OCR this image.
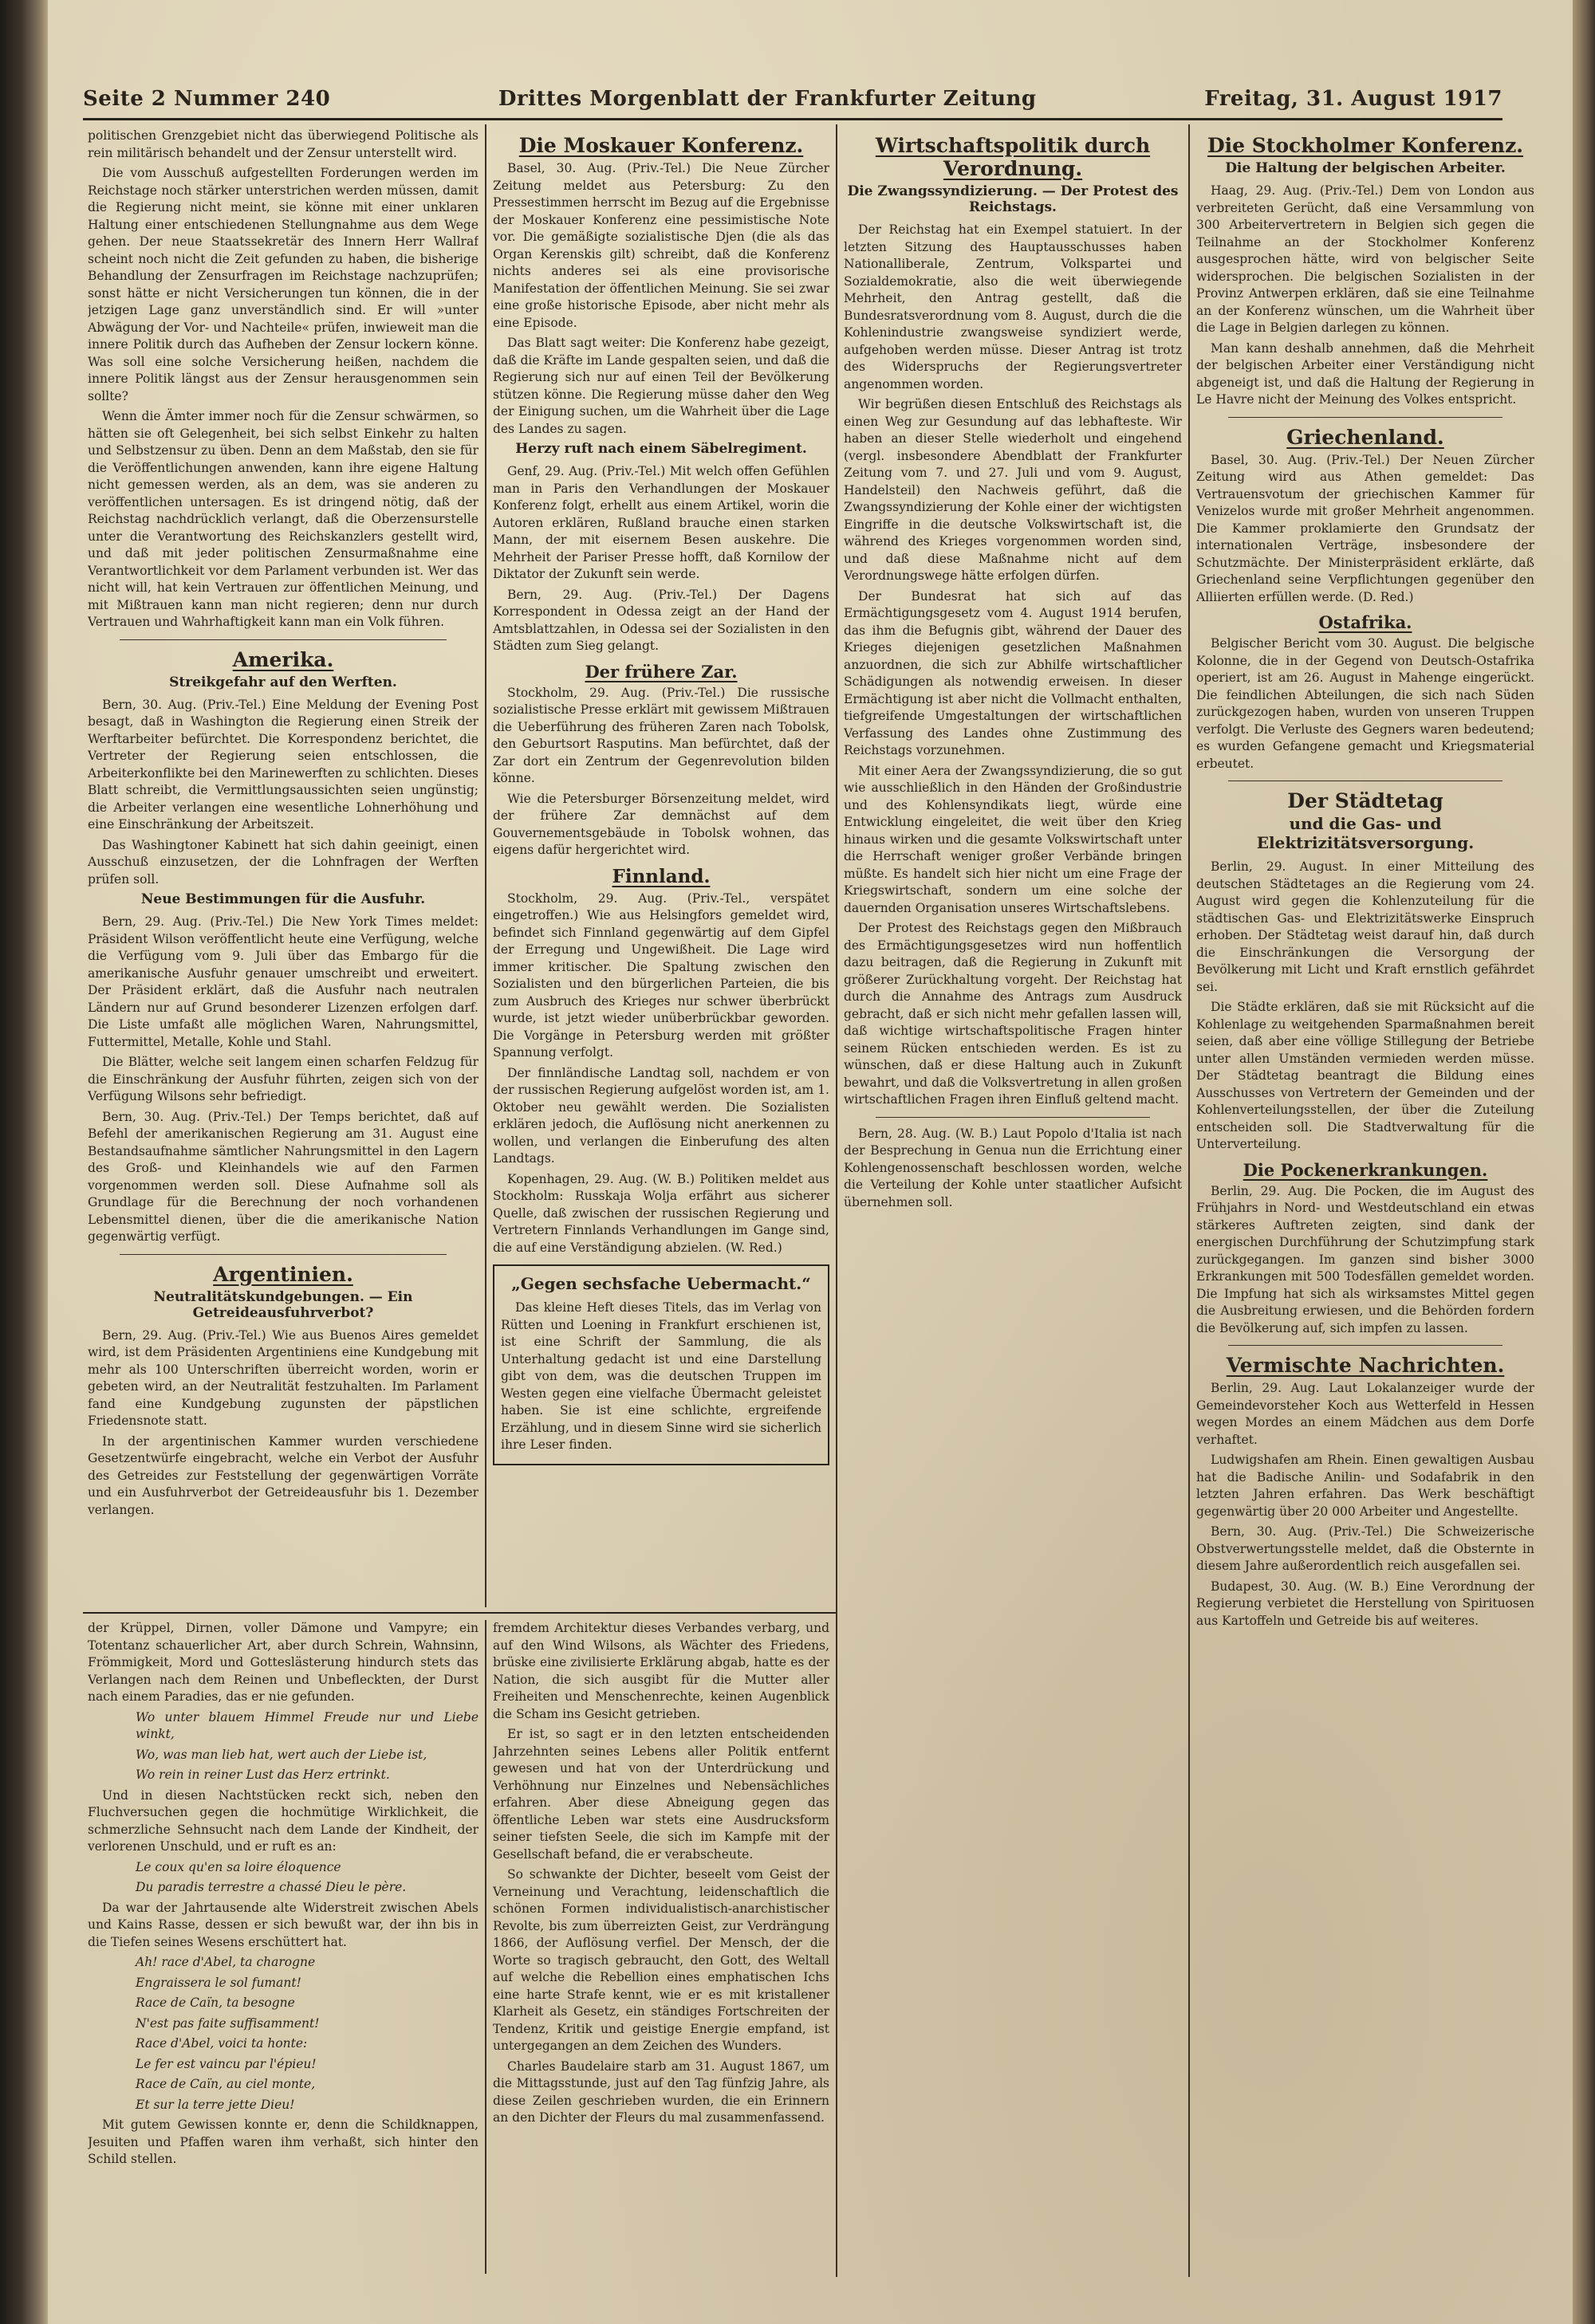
Seite 2 Nummer 240	Drittes Morgenblatt der Frankfurter Zeitung	Freitag, 31. August 1917

politischen Grenzgebiet nicht das überwiegend Politische als rein militärisch behandelt und der Zensur unterstellt wird.

Die vom Ausschuß aufgestellten Forderungen werden im Reichstage noch stärker unterstrichen werden müssen, damit die Regierung nicht meint, sie könne mit einer unklaren Haltung einer entschiedenen Stellungnahme aus dem Wege gehen. Der neue Staatssekretär des Innern Herr Wallraf scheint noch nicht die Zeit gefunden zu haben, die bisherige Behandlung der Zensurfragen im Reichstage nachzuprüfen; sonst hätte er nicht Versicherungen tun können, die in der jetzigen Lage ganz unverständlich sind. Er will »unter Abwägung der Vor- und Nachteile« prüfen, inwieweit man die innere Politik durch das Aufheben der Zensur lockern könne. Was soll eine solche Versicherung heißen, nachdem die innere Politik längst aus der Zensur herausgenommen sein sollte?

Wenn die Ämter immer noch für die Zensur schwärmen, so hätten sie oft Gelegenheit, bei sich selbst Einkehr zu halten und Selbstzensur zu üben. Denn an dem Maßstab, den sie für die Veröffentlichungen anwenden, kann ihre eigene Haltung nicht gemessen werden, als an dem, was sie anderen zu veröffentlichen untersagen. Es ist dringend nötig, daß der Reichstag nachdrücklich verlangt, daß die Oberzensurstelle unter die Verantwortung des Reichskanzlers gestellt wird, und daß mit jeder politischen Zensurmaßnahme eine Verantwortlichkeit vor dem Parlament verbunden ist. Wer das nicht will, hat kein Vertrauen zur öffentlichen Meinung, und mit Mißtrauen kann man nicht regieren; denn nur durch Vertrauen und Wahrhaftigkeit kann man ein Volk führen.

Amerika.
Streikgefahr auf den Werften.

Bern, 30. Aug. (Priv.-Tel.) Eine Meldung der Evening Post besagt, daß in Washington die Regierung einen Streik der Werftarbeiter befürchtet. Die Korrespondenz berichtet, die Vertreter der Regierung seien entschlossen, die Arbeiterkonflikte bei den Marinewerften zu schlichten. Dieses Blatt schreibt, die Vermittlungsaussichten seien ungünstig; die Arbeiter verlangen eine wesentliche Lohnerhöhung und eine Einschränkung der Arbeitszeit.

Das Washingtoner Kabinett hat sich dahin geeinigt, einen Ausschuß einzusetzen, der die Lohnfragen der Werften prüfen soll.

Neue Bestimmungen für die Ausfuhr.

Bern, 29. Aug. (Priv.-Tel.) Die New York Times meldet: Präsident Wilson veröffentlicht heute eine Verfügung, welche die Verfügung vom 9. Juli über das Embargo für die amerikanische Ausfuhr genauer umschreibt und erweitert. Der Präsident erklärt, daß die Ausfuhr nach neutralen Ländern nur auf Grund besonderer Lizenzen erfolgen darf. Die Liste umfaßt alle möglichen Waren, Nahrungsmittel, Futtermittel, Metalle, Kohle und Stahl.

Die Blätter, welche seit langem einen scharfen Feldzug für die Einschränkung der Ausfuhr führten, zeigen sich von der Verfügung Wilsons sehr befriedigt.

Bern, 30. Aug. (Priv.-Tel.) Der Temps berichtet, daß auf Befehl der amerikanischen Regierung am 31. August eine Bestandsaufnahme sämtlicher Nahrungsmittel in den Lagern des Groß- und Kleinhandels wie auf den Farmen vorgenommen werden soll. Diese Aufnahme soll als Grundlage für die Berechnung der noch vorhandenen Lebensmittel dienen, über die die amerikanische Nation gegenwärtig verfügt.

Argentinien.
Neutralitätskundgebungen. — Ein Getreideausfuhrverbot?

Bern, 29. Aug. (Priv.-Tel.) Wie aus Buenos Aires gemeldet wird, ist dem Präsidenten Argentiniens eine Kundgebung mit mehr als 100 Unterschriften überreicht worden, worin er gebeten wird, an der Neutralität festzuhalten. Im Parlament fand eine Kundgebung zugunsten der päpstlichen Friedensnote statt.

In der argentinischen Kammer wurden verschiedene Gesetzentwürfe eingebracht, welche ein Verbot der Ausfuhr des Getreides zur Feststellung der gegenwärtigen Vorräte und ein Ausfuhrverbot der Getreideausfuhr bis 1. Dezember verlangen.

Die Moskauer Konferenz.

Basel, 30. Aug. (Priv.-Tel.) Die Neue Zürcher Zeitung meldet aus Petersburg: Zu den Pressestimmen herrscht im Bezug auf die Ergebnisse der Moskauer Konferenz eine pessimistische Note vor. Die gemäßigte sozialistische Djen (die als das Organ Kerenskis gilt) schreibt, daß die Konferenz nichts anderes sei als eine provisorische Manifestation der öffentlichen Meinung. Sie sei zwar eine große historische Episode, aber nicht mehr als eine Episode.

Das Blatt sagt weiter: Die Konferenz habe gezeigt, daß die Kräfte im Lande gespalten seien, und daß die Regierung sich nur auf einen Teil der Bevölkerung stützen könne. Die Regierung müsse daher den Weg der Einigung suchen, um die Wahrheit über die Lage des Landes zu sagen.

Herzy ruft nach einem Säbelregiment.

Genf, 29. Aug. (Priv.-Tel.) Mit welch offen Gefühlen man in Paris den Verhandlungen der Moskauer Konferenz folgt, erhellt aus einem Artikel, worin die Autoren erklären, Rußland brauche einen starken Mann, der mit eisernem Besen auskehre. Die Mehrheit der Pariser Presse hofft, daß Kornilow der Diktator der Zukunft sein werde.

Bern, 29. Aug. (Priv.-Tel.) Der Dagens Korrespondent in Odessa zeigt an der Hand der Amtsblattzahlen, in Odessa sei der Sozialisten in den Städten zum Sieg gelangt.

Der frühere Zar.

Stockholm, 29. Aug. (Priv.-Tel.) Die russische sozialistische Presse erklärt mit gewissem Mißtrauen die Ueberführung des früheren Zaren nach Tobolsk, den Geburtsort Rasputins. Man befürchtet, daß der Zar dort ein Zentrum der Gegenrevolution bilden könne.

Wie die Petersburger Börsenzeitung meldet, wird der frühere Zar demnächst auf dem Gouvernementsgebäude in Tobolsk wohnen, das eigens dafür hergerichtet wird.

Finnland.

Stockholm, 29. Aug. (Priv.-Tel., verspätet eingetroffen.) Wie aus Helsingfors gemeldet wird, befindet sich Finnland gegenwärtig auf dem Gipfel der Erregung und Ungewißheit. Die Lage wird immer kritischer. Die Spaltung zwischen den Sozialisten und den bürgerlichen Parteien, die bis zum Ausbruch des Krieges nur schwer überbrückt wurde, ist jetzt wieder unüberbrückbar geworden. Die Vorgänge in Petersburg werden mit größter Spannung verfolgt.

Der finnländische Landtag soll, nachdem er von der russischen Regierung aufgelöst worden ist, am 1. Oktober neu gewählt werden. Die Sozialisten erklären jedoch, die Auflösung nicht anerkennen zu wollen, und verlangen die Einberufung des alten Landtags.

Kopenhagen, 29. Aug. (W. B.) Politiken meldet aus Stockholm: Russkaja Wolja erfährt aus sicherer Quelle, daß zwischen der russischen Regierung und Vertretern Finnlands Verhandlungen im Gange sind, die auf eine Verständigung abzielen. (W. Red.)

„Gegen sechsfache Uebermacht.“

Das kleine Heft dieses Titels, das im Verlag von Rütten und Loening in Frankfurt erschienen ist, ist eine Schrift der Sammlung, die als Unterhaltung gedacht ist und eine Darstellung gibt von dem, was die deutschen Truppen im Westen gegen eine vielfache Übermacht geleistet haben. Sie ist eine schlichte, ergreifende Erzählung, und in diesem Sinne wird sie sicherlich ihre Leser finden.

Wirtschaftspolitik durch Verordnung.
Die Zwangssyndizierung. — Der Protest des Reichstags.

Der Reichstag hat ein Exempel statuiert. In der letzten Sitzung des Hauptausschusses haben Nationalliberale, Zentrum, Volkspartei und Sozialdemokratie, also die weit überwiegende Mehrheit, den Antrag gestellt, daß die Bundesratsverordnung vom 8. August, durch die die Kohlenindustrie zwangsweise syndiziert werde, aufgehoben werden müsse. Dieser Antrag ist trotz des Widerspruchs der Regierungsvertreter angenommen worden.

Wir begrüßen diesen Entschluß des Reichstags als einen Weg zur Gesundung auf das lebhafteste. Wir haben an dieser Stelle wiederholt und eingehend (vergl. insbesondere Abendblatt der Frankfurter Zeitung vom 7. und 27. Juli und vom 9. August, Handelsteil) den Nachweis geführt, daß die Zwangssyndizierung der Kohle einer der wichtigsten Eingriffe in die deutsche Volkswirtschaft ist, die während des Krieges vorgenommen worden sind, und daß diese Maßnahme nicht auf dem Verordnungswege hätte erfolgen dürfen.

Der Bundesrat hat sich auf das Ermächtigungsgesetz vom 4. August 1914 berufen, das ihm die Befugnis gibt, während der Dauer des Krieges diejenigen gesetzlichen Maßnahmen anzuordnen, die sich zur Abhilfe wirtschaftlicher Schädigungen als notwendig erweisen. In dieser Ermächtigung ist aber nicht die Vollmacht enthalten, tiefgreifende Umgestaltungen der wirtschaftlichen Verfassung des Landes ohne Zustimmung des Reichstags vorzunehmen.

Mit einer Aera der Zwangssyndizierung, die so gut wie ausschließlich in den Händen der Großindustrie und des Kohlensyndikats liegt, würde eine Entwicklung eingeleitet, die weit über den Krieg hinaus wirken und die gesamte Volkswirtschaft unter die Herrschaft weniger großer Verbände bringen müßte. Es handelt sich hier nicht um eine Frage der Kriegswirtschaft, sondern um eine solche der dauernden Organisation unseres Wirtschaftslebens.

Der Protest des Reichstags gegen den Mißbrauch des Ermächtigungsgesetzes wird nun hoffentlich dazu beitragen, daß die Regierung in Zukunft mit größerer Zurückhaltung vorgeht. Der Reichstag hat durch die Annahme des Antrags zum Ausdruck gebracht, daß er sich nicht mehr gefallen lassen will, daß wichtige wirtschaftspolitische Fragen hinter seinem Rücken entschieden werden. Es ist zu wünschen, daß er diese Haltung auch in Zukunft bewahrt, und daß die Volksvertretung in allen großen wirtschaftlichen Fragen ihren Einfluß geltend macht.

Bern, 28. Aug. (W. B.) Laut Popolo d'Italia ist nach der Besprechung in Genua nun die Errichtung einer Kohlengenossenschaft beschlossen worden, welche die Verteilung der Kohle unter staatlicher Aufsicht übernehmen soll.

Die Stockholmer Konferenz.
Die Haltung der belgischen Arbeiter.

Haag, 29. Aug. (Priv.-Tel.) Dem von London aus verbreiteten Gerücht, daß eine Versammlung von 300 Arbeitervertretern in Belgien sich gegen die Teilnahme an der Stockholmer Konferenz ausgesprochen hätte, wird von belgischer Seite widersprochen. Die belgischen Sozialisten in der Provinz Antwerpen erklären, daß sie eine Teilnahme an der Konferenz wünschen, um die Wahrheit über die Lage in Belgien darlegen zu können.

Man kann deshalb annehmen, daß die Mehrheit der belgischen Arbeiter einer Verständigung nicht abgeneigt ist, und daß die Haltung der Regierung in Le Havre nicht der Meinung des Volkes entspricht.

Griechenland.

Basel, 30. Aug. (Priv.-Tel.) Der Neuen Zürcher Zeitung wird aus Athen gemeldet: Das Vertrauensvotum der griechischen Kammer für Venizelos wurde mit großer Mehrheit angenommen. Die Kammer proklamierte den Grundsatz der internationalen Verträge, insbesondere der Schutzmächte. Der Ministerpräsident erklärte, daß Griechenland seine Verpflichtungen gegenüber den Alliierten erfüllen werde. (D. Red.)

Ostafrika.

Belgischer Bericht vom 30. August. Die belgische Kolonne, die in der Gegend von Deutsch-Ostafrika operiert, ist am 26. August in Mahenge eingerückt. Die feindlichen Abteilungen, die sich nach Süden zurückgezogen haben, wurden von unseren Truppen verfolgt. Die Verluste des Gegners waren bedeutend; es wurden Gefangene gemacht und Kriegsmaterial erbeutet.

Der Städtetag
und die Gas- und Elektrizitätsversorgung.

Berlin, 29. August. In einer Mitteilung des deutschen Städtetages an die Regierung vom 24. August wird gegen die Kohlenzuteilung für die städtischen Gas- und Elektrizitätswerke Einspruch erhoben. Der Städtetag weist darauf hin, daß durch die Einschränkungen die Versorgung der Bevölkerung mit Licht und Kraft ernstlich gefährdet sei.

Die Städte erklären, daß sie mit Rücksicht auf die Kohlenlage zu weitgehenden Sparmaßnahmen bereit seien, daß aber eine völlige Stillegung der Betriebe unter allen Umständen vermieden werden müsse. Der Städtetag beantragt die Bildung eines Ausschusses von Vertretern der Gemeinden und der Kohlenverteilungsstellen, der über die Zuteilung entscheiden soll. Die Stadtverwaltung für die Unterverteilung.

Die Pockenerkrankungen.

Berlin, 29. Aug. Die Pocken, die im August des Frühjahrs in Nord- und Westdeutschland ein etwas stärkeres Auftreten zeigten, sind dank der energischen Durchführung der Schutzimpfung stark zurückgegangen. Im ganzen sind bisher 3000 Erkrankungen mit 500 Todesfällen gemeldet worden. Die Impfung hat sich als wirksamstes Mittel gegen die Ausbreitung erwiesen, und die Behörden fordern die Bevölkerung auf, sich impfen zu lassen.

Vermischte Nachrichten.

Berlin, 29. Aug. Laut Lokalanzeiger wurde der Gemeindevorsteher Koch aus Wetterfeld in Hessen wegen Mordes an einem Mädchen aus dem Dorfe verhaftet.

Ludwigshafen am Rhein. Einen gewaltigen Ausbau hat die Badische Anilin- und Sodafabrik in den letzten Jahren erfahren. Das Werk beschäftigt gegenwärtig über 20 000 Arbeiter und Angestellte.

Bern, 30. Aug. (Priv.-Tel.) Die Schweizerische Obstverwertungsstelle meldet, daß die Obsternte in diesem Jahre außerordentlich reich ausgefallen sei.

Budapest, 30. Aug. (W. B.) Eine Verordnung der Regierung verbietet die Herstellung von Spirituosen aus Kartoffeln und Getreide bis auf weiteres.

der Krüppel, Dirnen, voller Dämone und Vampyre; ein Totentanz schauerlicher Art, aber durch Schrein, Wahnsinn, Frömmigkeit, Mord und Gotteslästerung hindurch stets das Verlangen nach dem Reinen und Unbefleckten, der Durst nach einem Paradies, das er nie gefunden.

Wo unter blauem Himmel Freude nur und Liebe winkt,

Wo, was man lieb hat, wert auch der Liebe ist,

Wo rein in reiner Lust das Herz ertrinkt.

Und in diesen Nachtstücken reckt sich, neben den Fluchversuchen gegen die hochmütige Wirklichkeit, die schmerzliche Sehnsucht nach dem Lande der Kindheit, der verlorenen Unschuld, und er ruft es an:

Le coux qu'en sa loire éloquence

Du paradis terrestre a chassé Dieu le père.

Da war der Jahrtausende alte Widerstreit zwischen Abels und Kains Rasse, dessen er sich bewußt war, der ihn bis in die Tiefen seines Wesens erschüttert hat.

Ah! race d'Abel, ta charogne

Engraissera le sol fumant!

Race de Caïn, ta besogne

N'est pas faite suffisamment!

Race d'Abel, voici ta honte:

Le fer est vaincu par l'épieu!

Race de Caïn, au ciel monte,

Et sur la terre jette Dieu!

Mit gutem Gewissen konnte er, denn die Schildknappen, Jesuiten und Pfaffen waren ihm verhaßt, sich hinter den Schild stellen.

fremdem Architektur dieses Verbandes verbarg, und auf den Wind Wilsons, als Wächter des Friedens, brüske eine zivilisierte Erklärung abgab, hatte es der Nation, die sich ausgibt für die Mutter aller Freiheiten und Menschenrechte, keinen Augenblick die Scham ins Gesicht getrieben.

Er ist, so sagt er in den letzten entscheidenden Jahrzehnten seines Lebens aller Politik entfernt gewesen und hat von der Unterdrückung und Verhöhnung nur Einzelnes und Nebensächliches erfahren. Aber diese Abneigung gegen das öffentliche Leben war stets eine Ausdrucksform seiner tiefsten Seele, die sich im Kampfe mit der Gesellschaft befand, die er verabscheute.

So schwankte der Dichter, beseelt vom Geist der Verneinung und Verachtung, leidenschaftlich die schönen Formen individualistisch-anarchistischer Revolte, bis zum überreizten Geist, zur Verdrängung 1866, der Auflösung verfiel. Der Mensch, der die Worte so tragisch gebraucht, den Gott, des Weltall auf welche die Rebellion eines emphatischen Ichs eine harte Strafe kennt, wie er es mit kristallener Klarheit als Gesetz, ein ständiges Fortschreiten der Tendenz, Kritik und geistige Energie empfand, ist untergegangen an dem Zeichen des Wunders.

Charles Baudelaire starb am 31. August 1867, um die Mittagsstunde, just auf den Tag fünfzig Jahre, als diese Zeilen geschrieben wurden, die ein Erinnern an den Dichter der Fleurs du mal zusammenfassend.
